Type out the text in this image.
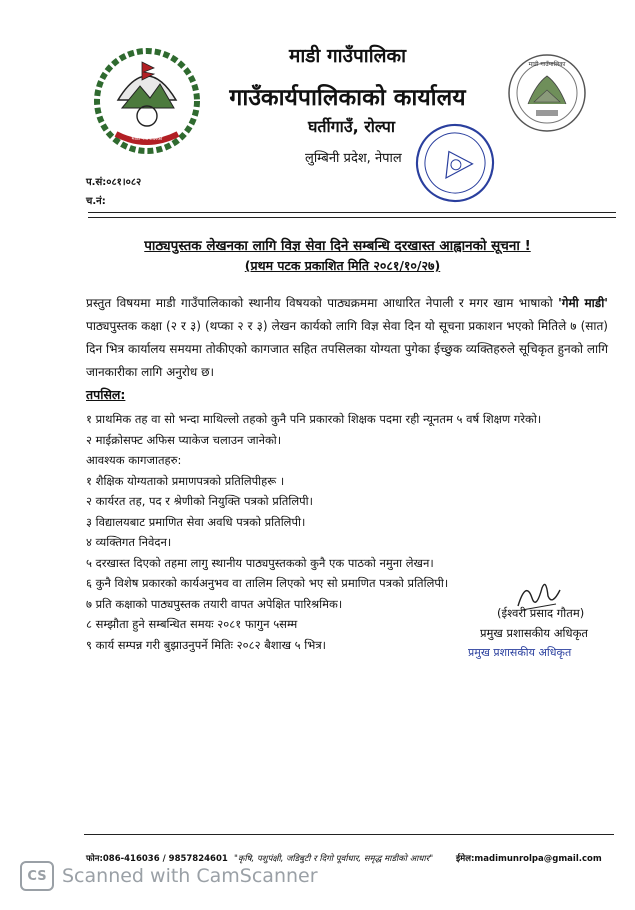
माडी गाउँपालिका
माडी गाउँपालिका
गाउँकार्यपालिकाको कार्यालय
घर्तीगाउँ, रोल्पा
लुम्बिनी प्रदेश, नेपाल
माडी गाउँपालिका
प.सं:०८१।०८२
च.नं:
पाठ्यपुस्तक लेखनका लागि विज्ञ सेवा दिने सम्बन्धि दरखास्त आह्वानको सूचना !
(प्रथम पटक प्रकाशित मिति २०८१/१०/२७)
प्रस्तुत विषयमा माडी गाउँपालिकाको स्थानीय विषयको पाठ्यक्रममा आधारित नेपाली र मगर खाम भाषाको 'गेमी माडी' पाठ्यपुस्तक कक्षा (२ र ३) (थप्का २ र ३) लेखन कार्यको लागि विज्ञ सेवा दिन यो सूचना प्रकाशन भएको मितिले ७ (सात) दिन भित्र कार्यालय समयमा तोकीएको कागजात सहित तपसिलका योग्यता पुगेका ईच्छुक व्यक्तिहरुले सूचिकृत हुनको लागि जानकारीका लागि अनुरोध छ।
तपसिल:
१ प्राथमिक तह वा सो भन्दा माथिल्लो तहको कुनै पनि प्रकारको शिक्षक पदमा रही न्यूनतम ५ वर्ष शिक्षण गरेको।
२ माईक्रोसफ्ट अफिस प्याकेज चलाउन जानेको।
आवश्यक कागजातहरु:
१ शैक्षिक योग्यताको प्रमाणपत्रको प्रतिलिपीहरू ।
२ कार्यरत तह, पद र श्रेणीको नियुक्ति पत्रको प्रतिलिपी।
३ विद्यालयबाट प्रमाणित सेवा अवधि पत्रको प्रतिलिपी।
४ व्यक्तिगत निवेदन।
५ दरखास्त दिएको तहमा लागु स्थानीय पाठ्यपुस्तकको कुनै एक पाठको नमुना लेखन।
६ कुनै विशेष प्रकारको कार्यअनुभव वा तालिम लिएको भए सो प्रमाणित पत्रको प्रतिलिपी।
७ प्रति कक्षाको पाठ्यपुस्तक तयारी वापत अपेक्षित पारिश्रमिक।
८ सम्झौता हुने सम्बन्धित समयः २०८१ फागुन ५सम्म
९ कार्य सम्पन्न गरी बुझाउनुपर्ने मितिः २०८२ बैशाख ५ भित्र।
(ईश्वरी प्रसाद गौतम)
प्रमुख प्रशासकीय अधिकृत
प्रमुख प्रशासकीय अधिकृत
फोन:086-416036 / 9857824601 "कृषि, पशुपंक्षी, जडिबुटी र दिगो पूर्वाधार, समृद्ध माडीको आधार"	ईमेल:madimunrolpa@gmail.com
CS Scanned with CamScanner
